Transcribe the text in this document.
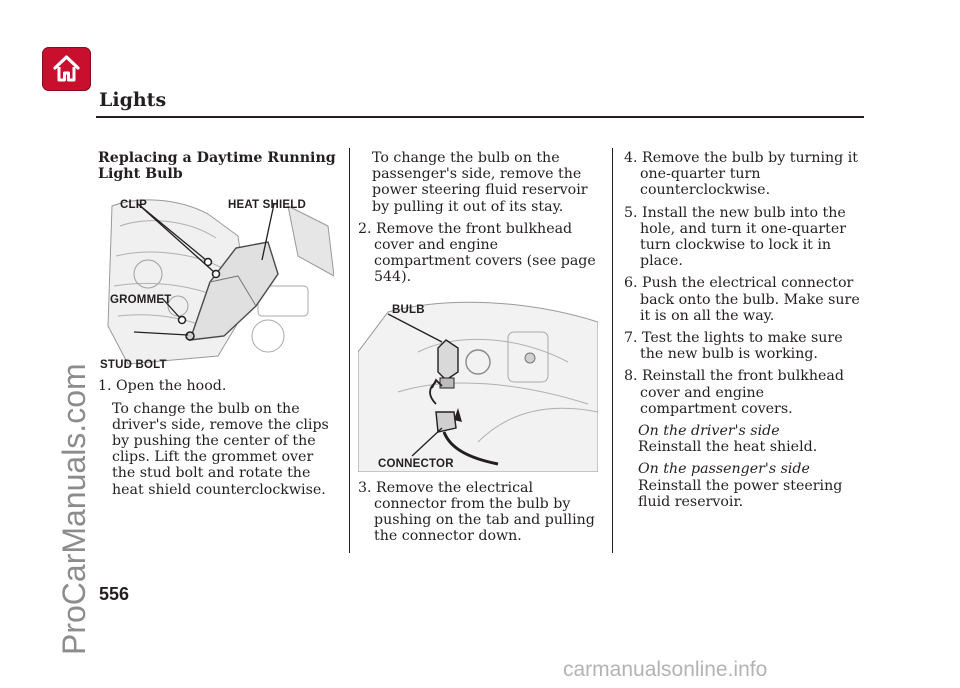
Lights

Replacing a Daytime Running Light Bulb

CLIP	HEAT SHIELD
GROMMET
STUD BOLT

1. Open the hood.

To change the bulb on the driver's side, remove the clips by pushing the center of the clips. Lift the grommet over the stud bolt and rotate the heat shield counterclockwise.

To change the bulb on the passenger's side, remove the power steering fluid reservoir by pulling it out of its stay.

2. Remove the front bulkhead cover and engine compartment covers (see page 544).

BULB
CONNECTOR

3. Remove the electrical connector from the bulb by pushing on the tab and pulling the connector down.

4. Remove the bulb by turning it one-quarter turn counterclockwise.

5. Install the new bulb into the hole, and turn it one-quarter turn clockwise to lock it in place.

6. Push the electrical connector back onto the bulb. Make sure it is on all the way.

7. Test the lights to make sure the new bulb is working.

8. Reinstall the front bulkhead cover and engine compartment covers.

On the driver's side

Reinstall the heat shield.

On the passenger's side

Reinstall the power steering fluid reservoir.

556

ProCarManuals.com
carmanualsonline.info
